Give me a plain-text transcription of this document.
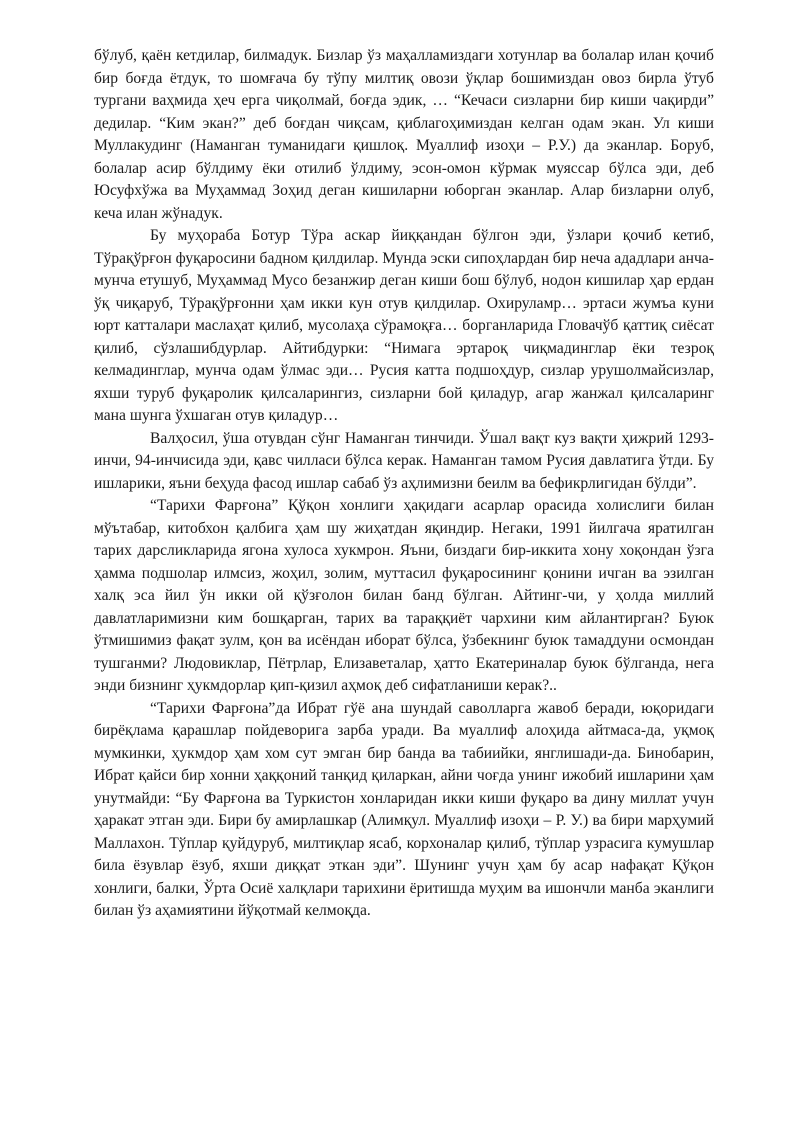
бўлуб, қаён кетдилар, билмадук. Бизлар ўз маҳалламиздаги хотунлар ва болалар илан қочиб бир боғда ётдук, то шомғача бу тўпу милтиқ овози ўқлар бошимиздан овоз бирла ўтуб тургани ваҳмида ҳеч ерга чиқолмай, боғда эдик, … “Кечаси сизларни бир киши чақирди” дедилар. “Ким экан?” деб боғдан чиқсам, қиблагоҳимиздан келган одам экан. Ул киши Муллакудинг (Наманган туманидаги қишлоқ. Муаллиф изоҳи – Р.У.) да эканлар. Боруб, болалар асир бўлдиму ёки отилиб ўлдиму, эсон-омон кўрмак муяссар бўлса эди, деб Юсуфхўжа ва Муҳаммад Зоҳид деган кишиларни юборган эканлар. Алар бизларни олуб, кеча илан жўнадук.

Бу муҳораба Ботур Тўра аскар йиққандан бўлгон эди, ўзлари қочиб кетиб, Тўрақўрғон фуқаросини бадном қилдилар. Мунда эски сипоҳлардан бир неча ададлари анча-мунча етушуб, Муҳаммад Мусо безанжир деган киши бош бўлуб, нодон кишилар ҳар ердан ўқ чиқаруб, Тўрақўрғонни ҳам икки кун отув қилдилар. Охируламр… эртаси жумъа куни юрт катталари маслаҳат қилиб, мусолаҳа сўрамоқға… борганларида Гловачўб қаттиқ сиёсат қилиб, сўзлашибдурлар. Айтибдурки: “Нимага эртароқ чиқмадинглар ёки тезроқ келмадинглар, мунча одам ўлмас эди… Русия катта подшоҳдур, сизлар урушолмайсизлар, яхши туруб фуқаролик қилсаларингиз, сизларни бой қиладур, агар жанжал қилсаларинг мана шунга ўхшаган отув қиладур…

Валҳосил, ўша отувдан сўнг Наманган тинчиди. Ўшал вақт куз вақти ҳижрий 1293-инчи, 94-инчисида эди, қавс чилласи бўлса керак. Наманган тамом Русия давлатига ўтди. Бу ишларики, яъни беҳуда фасод ишлар сабаб ўз аҳлимизни беилм ва бефикрлигидан бўлди”.

“Тарихи Фарғона” Қўқон хонлиги ҳақидаги асарлар орасида холислиги билан мўътабар, китобхон қалбига ҳам шу жиҳатдан яқиндир. Негаки, 1991 йилгача яратилган тарих дарсликларида ягона хулоса хукмрон. Яъни, биздаги бир-иккита хону хоқондан ўзга ҳамма подшолар илмсиз, жоҳил, золим, муттасил фуқаросининг қонини ичган ва эзилган халқ эса йил ўн икки ой қўзғолон билан банд бўлган. Айтинг-чи, у ҳолда миллий давлатларимизни ким бошқарган, тарих ва тараққиёт чархини ким айлантирган? Буюк ўтмишимиз фақат зулм, қон ва исёндан иборат бўлса, ўзбекнинг буюк тамаддуни осмондан тушганми? Людовиклар, Пётрлар, Елизаветалар, ҳатто Екатериналар буюк бўлганда, нега энди бизнинг ҳукмдорлар қип-қизил аҳмоқ деб сифатланиши керак?..

“Тарихи Фарғона”да Ибрат гўё ана шундай саволларга жавоб беради, юқоридаги бирёқлама қарашлар пойдеворига зарба уради. Ва муаллиф алоҳида айтмаса-да, уқмоқ мумкинки, ҳукмдор ҳам хом сут эмган бир банда ва табиийки, янглишади-да. Бинобарин, Ибрат қайси бир хонни ҳаққоний танқид қиларкан, айни чоғда унинг ижобий ишларини ҳам унутмайди: “Бу Фарғона ва Туркистон хонларидан икки киши фуқаро ва дину миллат учун ҳаракат этган эди. Бири бу амирлашкар (Алимқул. Муаллиф изоҳи – Р. У.) ва бири марҳумий Маллахон. Тўплар қуйдуруб, милтиқлар ясаб, корхоналар қилиб, тўплар узрасига кумушлар била ёзувлар ёзуб, яхши диққат эткан эди”. Шунинг учун ҳам бу асар нафақат Қўқон хонлиги, балки, Ўрта Осиё халқлари тарихини ёритишда муҳим ва ишончли манба эканлиги билан ўз аҳамиятини йўқотмай келмоқда.
